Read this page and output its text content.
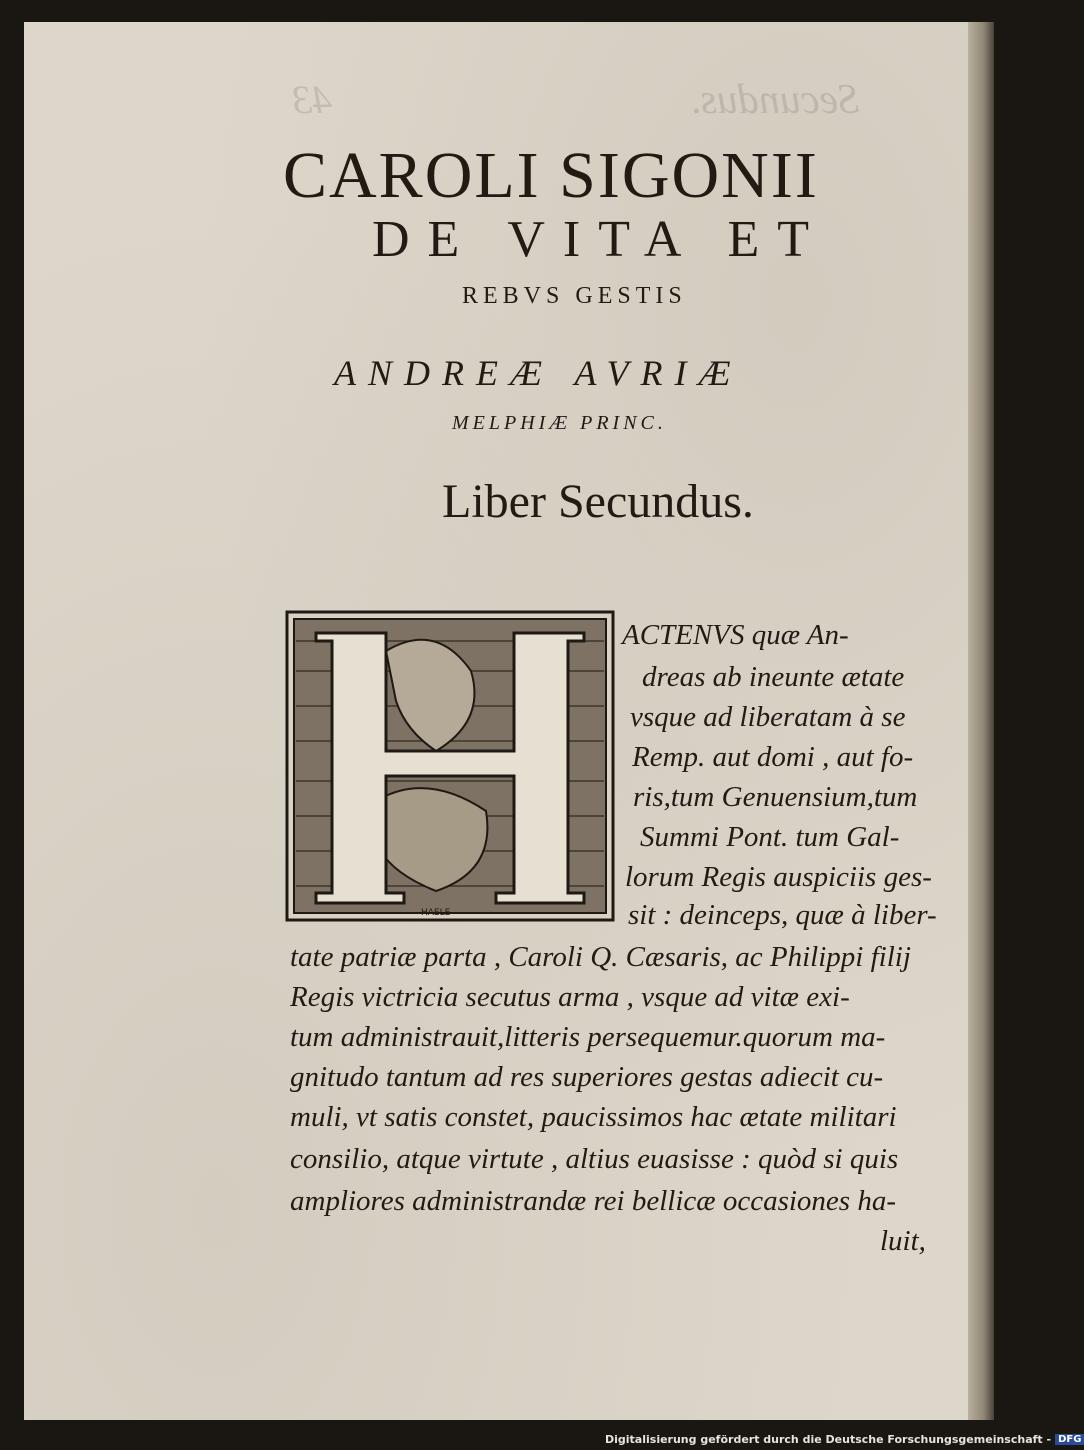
43	Secundus.
CAROLI SIGONII
DE VITA ET
REBVS GESTIS
ANDREÆ AVRIÆ
MELPHIÆ PRINC.
Liber Secundus.
HAELE
ACTENVS quæ An-
dreas ab ineunte ætate
vsque ad liberatam à se
Remp. aut domi , aut fo-
ris,tum Genuensium,tum
Summi Pont. tum Gal-
lorum Regis auspiciis ges-
sit : deinceps, quæ à liber-
tate patriæ parta , Caroli Q. Cæsaris, ac Philippi filij
Regis victricia secutus arma , vsque ad vitæ exi-
tum administrauit,litteris persequemur.quorum ma-
gnitudo tantum ad res superiores gestas adiecit cu-
muli, vt satis constet, paucissimos hac ætate militari
consilio, atque virtute , altius euasisse : quòd si quis
ampliores administrandæ rei bellicæ occasiones ha-
luit,
Digitalisierung gefördert durch die Deutsche Forschungsgemeinschaft - DFG
